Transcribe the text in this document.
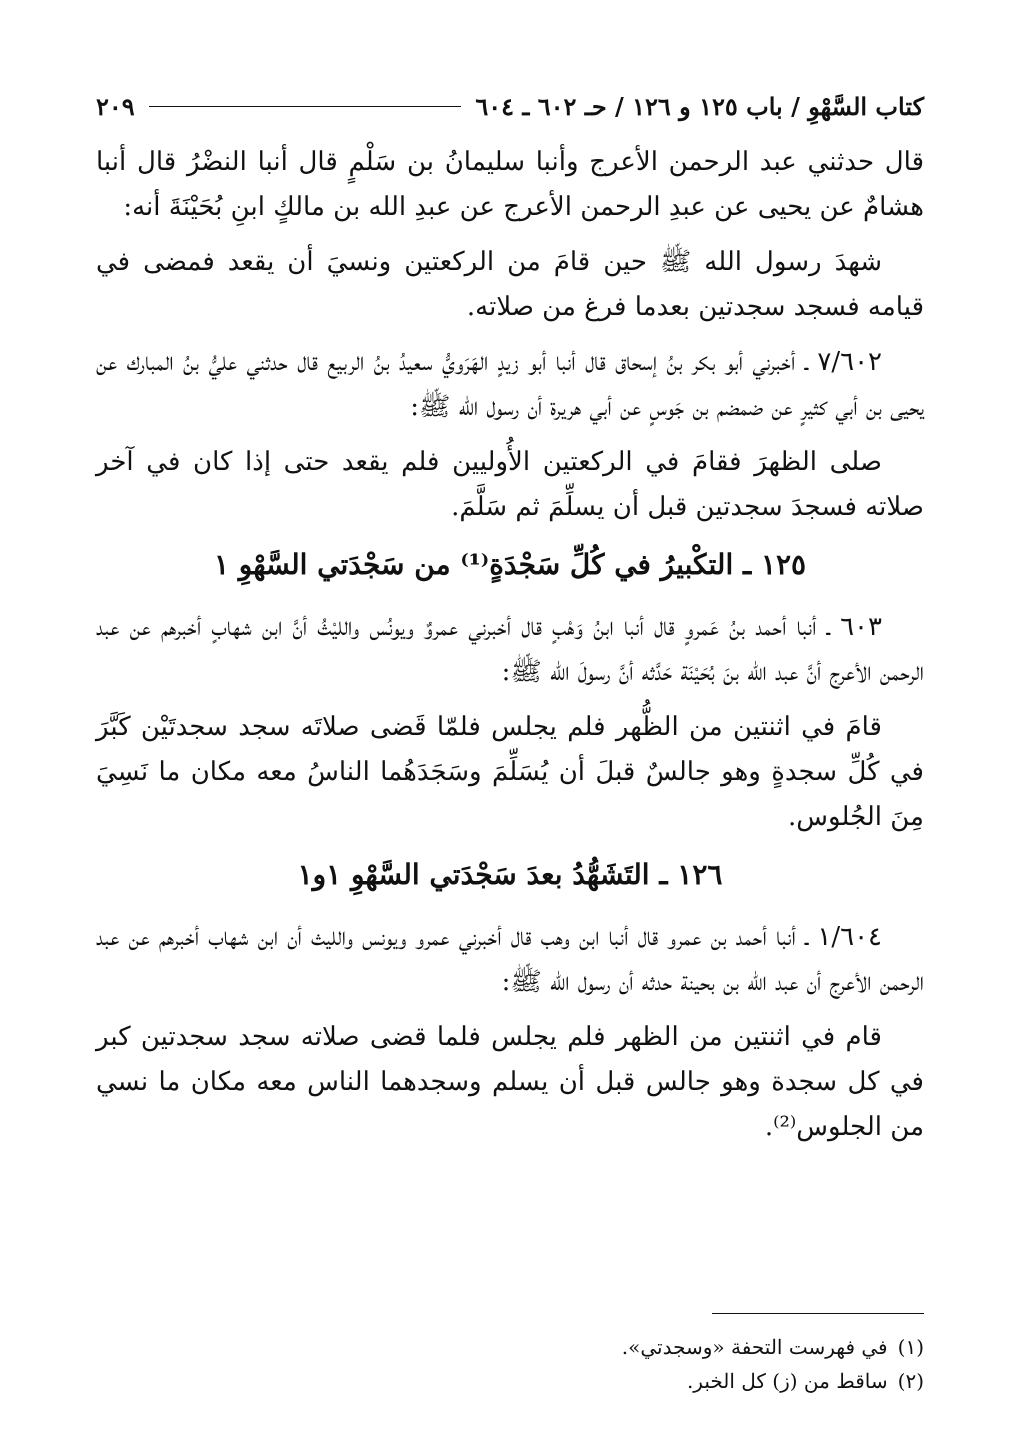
كتاب السَّهْوِ / باب ١٢٥ و ١٢٦ / حـ ٦٠٢ ـ ٦٠٤
٢٠٩

قال حدثني عبد الرحمن الأعرج وأنبا سليمانُ بن سَلْمٍ قال أنبا النضْرُ قال أنبا هشامٌ عن يحيى عن عبدِ الرحمن الأعرج عن عبدِ الله بن مالكٍ ابنِ بُحَيْنَةَ أنه:

شهدَ رسول الله ﷺ حين قامَ من الركعتين ونسيَ أن يقعد فمضى في قيامه فسجد سجدتين بعدما فرغ من صلاته.

٧/٦٠٢ ـ أخبرني أبو بكر بنُ إسحاق قال أنبا أبو زيدٍ الهَرَويُّ سعيدُ بنُ الربيع قال حدثني عليُّ بنُ المبارك عن يحيى بن أبي كثيرٍ عن ضمضم بن جَوسٍ عن أبي هريرة أن رسول الله ﷺ:

صلى الظهرَ فقامَ في الركعتين الأُوليين فلم يقعد حتى إذا كان في آخر صلاته فسجدَ سجدتين قبل أن يسلِّمَ ثم سَلَّمَ.

١٢٥ ـ التكْبيرُ في كُلِّ سَجْدَةٍ⁽¹⁾ من سَجْدَتي السَّهْوِ ١

٦٠٣ ـ أنبا أحمد بنُ عَمروٍ قال أنبا ابنُ وَهْبٍ قال أخبرني عمروٌ ويونُس والليْثُ أنَّ ابن شهابٍ أخبرهم عن عبد الرحمن الأعرج أنَّ عبد الله بنَ بُحَيْنَة حَدَّثه أنَّ رسولَ الله ﷺ:

قامَ في اثنتين من الظُّهر فلم يجلس فلمّا قَضى صلاتَه سجد سجدتَيْن كَبَّرَ في كُلِّ سجدةٍ وهو جالسٌ قبلَ أن يُسَلِّمَ وسَجَدَهُما الناسُ معه مكان ما نَسِيَ مِنَ الجُلوس.

١٢٦ ـ التَشَهُّدُ بعدَ سَجْدَتي السَّهْوِ ١و١

١/٦٠٤ ـ أنبا أحمد بن عمرو قال أنبا ابن وهب قال أخبرني عمرو ويونس والليث أن ابن شهاب أخبرهم عن عبد الرحمن الأعرج أن عبد الله بن بحينة حدثه أن رسول الله ﷺ:

قام في اثنتين من الظهر فلم يجلس فلما قضى صلاته سجد سجدتين كبر في كل سجدة وهو جالس قبل أن يسلم وسجدهما الناس معه مكان ما نسي من الجلوس⁽²⁾.

(١)
في فهرست التحفة «وسجدتي».
(٢)
ساقط من (ز) كل الخبر.
